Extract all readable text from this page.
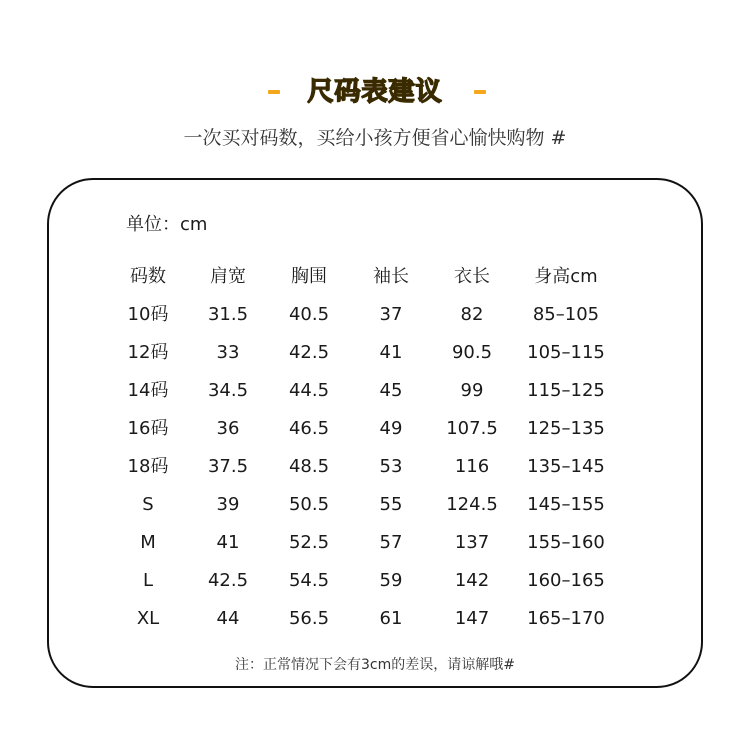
尺码表建议
一次买对码数，买给小孩方便省心愉快购物 #
单位：cm
码数	肩宽	胸围	袖长	衣长	身高cm
10码	31.5	40.5	37	82	85–105
12码	33	42.5	41	90.5	105–115
14码	34.5	44.5	45	99	115–125
16码	36	46.5	49	107.5	125–135
18码	37.5	48.5	53	116	135–145
S	39	50.5	55	124.5	145–155
M	41	52.5	57	137	155–160
L	42.5	54.5	59	142	160–165
XL	44	56.5	61	147	165–170
注：正常情况下会有3cm的差误，请谅解哦#
